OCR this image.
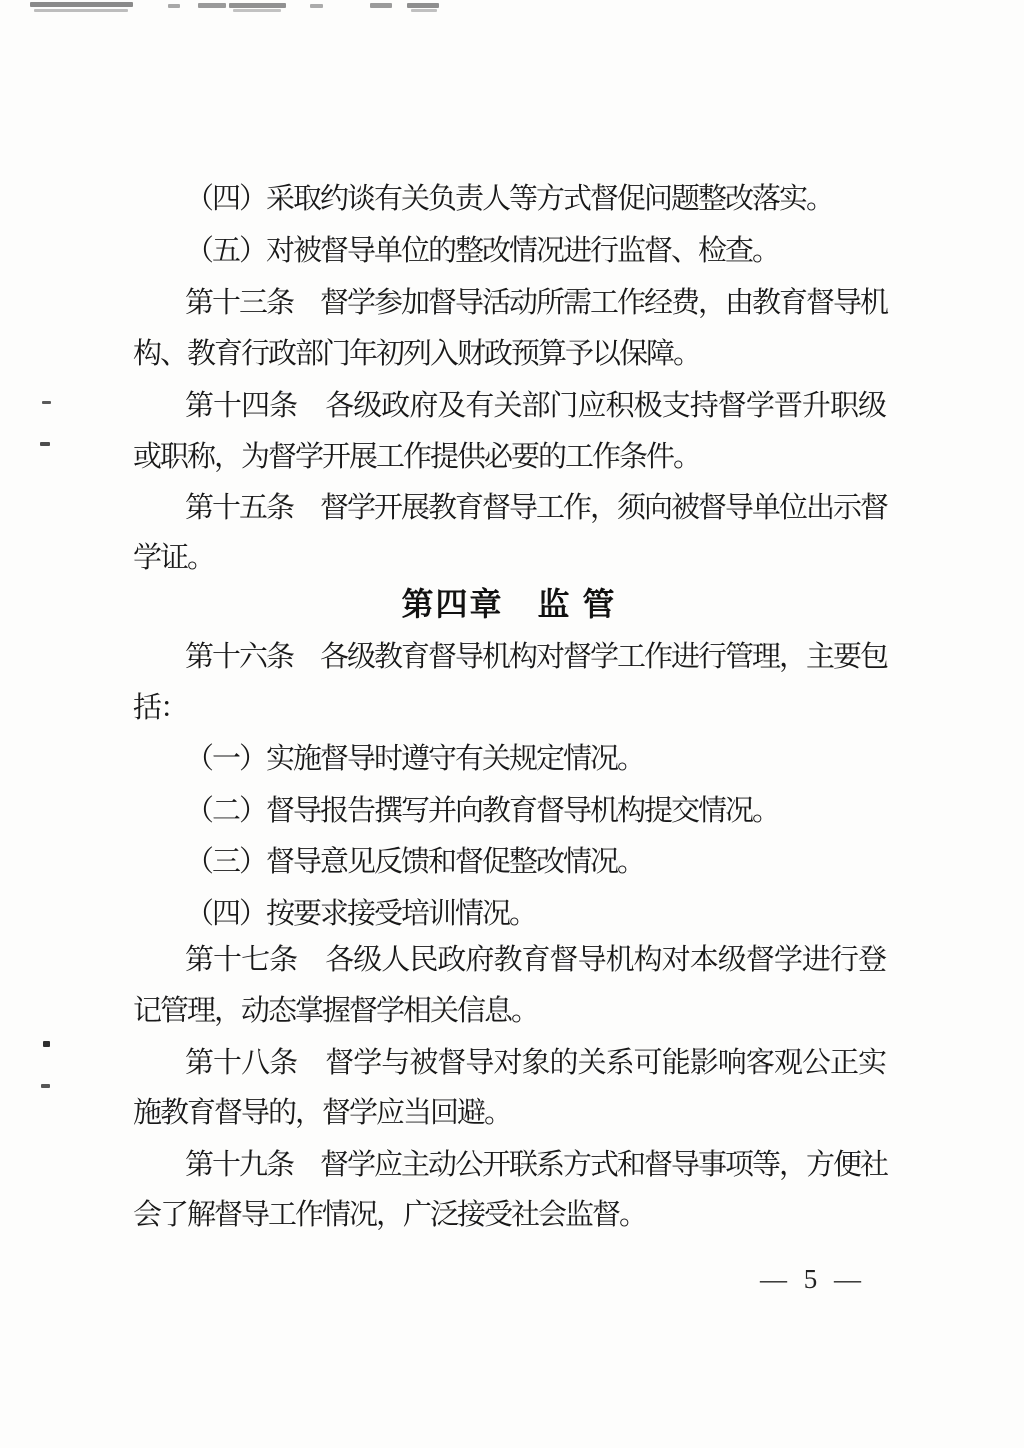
（四）采取约谈有关负责人等方式督促问题整改落实。
（五）对被督导单位的整改情况进行监督、检查。
第十三条　督学参加督导活动所需工作经费，由教育督导机
构、教育行政部门年初列入财政预算予以保障。
第十四条　各级政府及有关部门应积极支持督学晋升职级
或职称，为督学开展工作提供必要的工作条件。
第十五条　督学开展教育督导工作，须向被督导单位出示督
学证。
第四章　监 管
第十六条　各级教育督导机构对督学工作进行管理，主要包
括：
（一）实施督导时遵守有关规定情况。
（二）督导报告撰写并向教育督导机构提交情况。
（三）督导意见反馈和督促整改情况。
（四）按要求接受培训情况。
第十七条　各级人民政府教育督导机构对本级督学进行登
记管理，动态掌握督学相关信息。
第十八条　督学与被督导对象的关系可能影响客观公正实
施教育督导的，督学应当回避。
第十九条　督学应主动公开联系方式和督导事项等，方便社
会了解督导工作情况，广泛接受社会监督。
— 5 —
